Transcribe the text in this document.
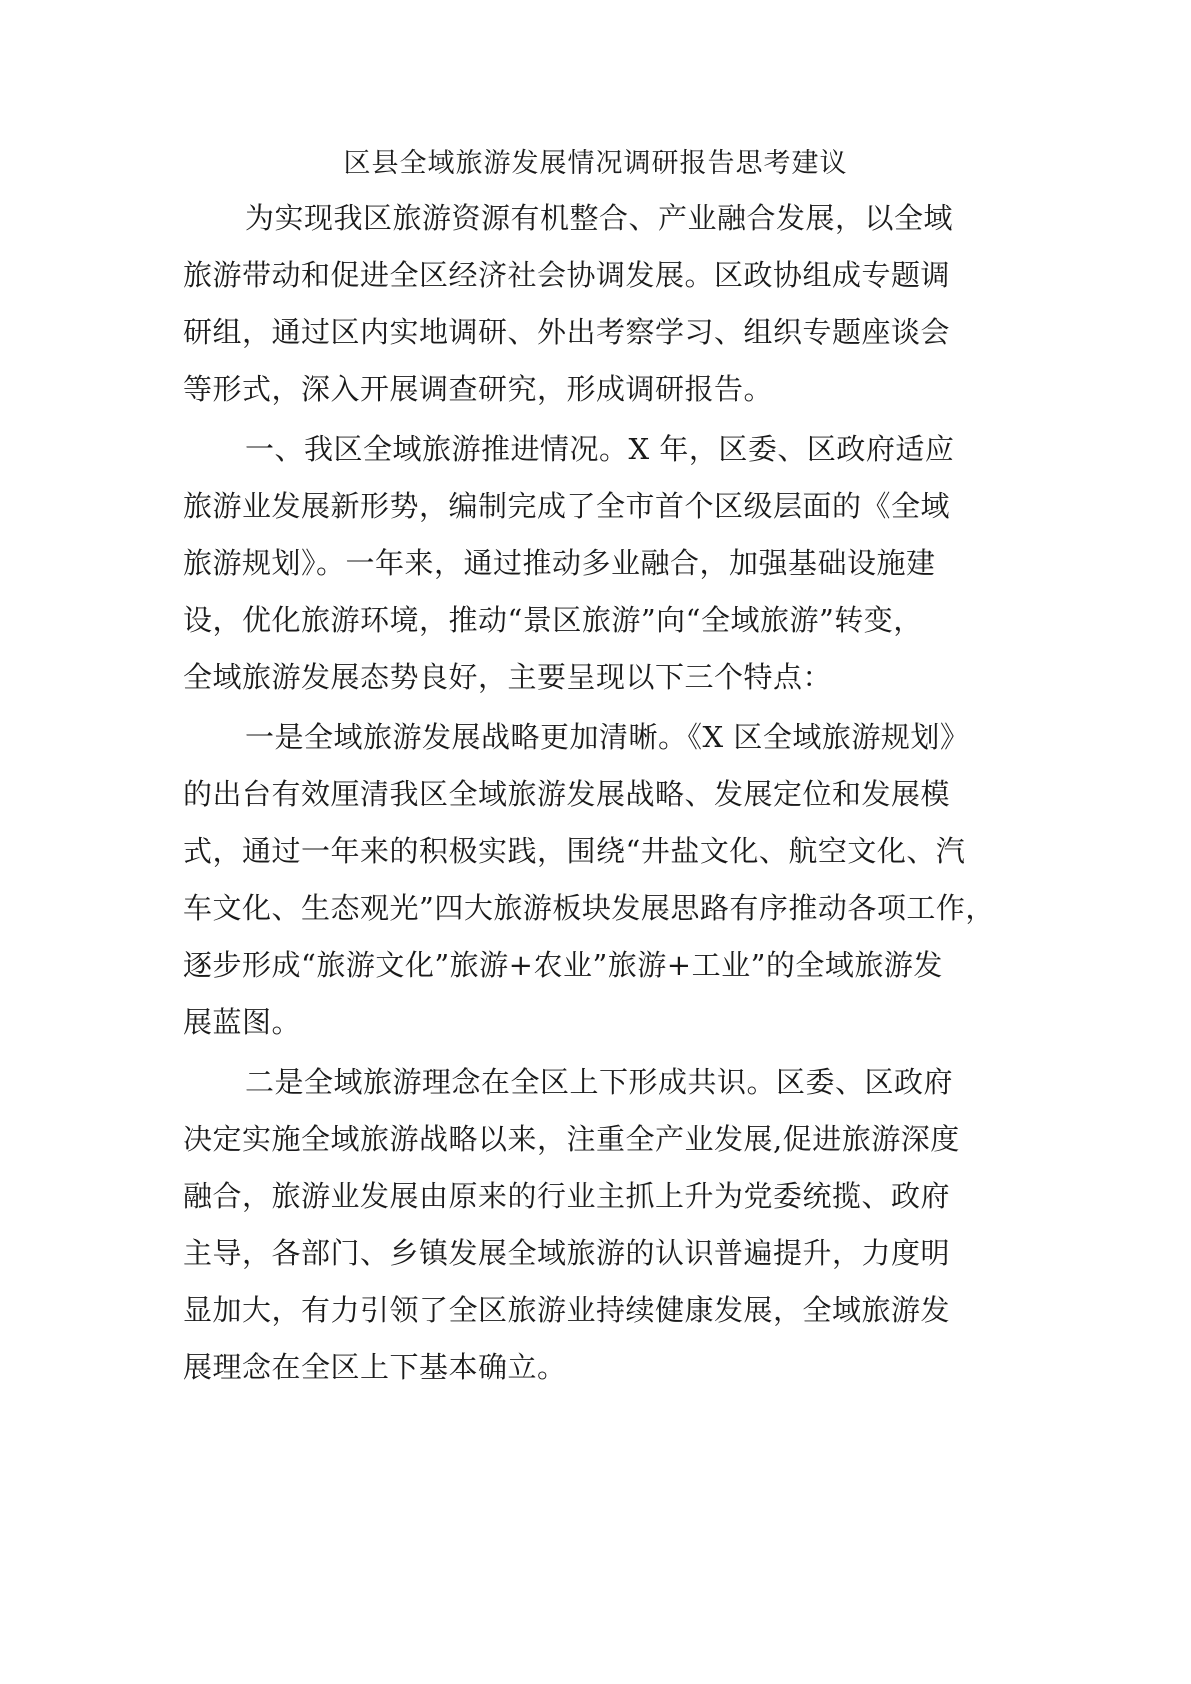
区县全域旅游发展情况调研报告思考建议
为实现我区旅游资源有机整合、产业融合发展，以全域
旅游带动和促进全区经济社会协调发展。区政协组成专题调
研组，通过区内实地调研、外出考察学习、组织专题座谈会
等形式，深入开展调查研究，形成调研报告。
一、我区全域旅游推进情况。X 年，区委、区政府适应
旅游业发展新形势，编制完成了全市首个区级层面的《全域
旅游规划》。一年来，通过推动多业融合，加强基础设施建
设，优化旅游环境，推动“景区旅游”向“全域旅游”转变，
全域旅游发展态势良好，主要呈现以下三个特点：
一是全域旅游发展战略更加清晰。《X 区全域旅游规划》
的出台有效厘清我区全域旅游发展战略、发展定位和发展模
式，通过一年来的积极实践，围绕“井盐文化、航空文化、汽
车文化、生态观光”四大旅游板块发展思路有序推动各项工作，
逐步形成“旅游文化”旅游+农业”旅游+工业”的全域旅游发
展蓝图。
二是全域旅游理念在全区上下形成共识。区委、区政府
决定实施全域旅游战略以来，注重全产业发展,促进旅游深度
融合，旅游业发展由原来的行业主抓上升为党委统揽、政府
主导，各部门、乡镇发展全域旅游的认识普遍提升，力度明
显加大，有力引领了全区旅游业持续健康发展，全域旅游发
展理念在全区上下基本确立。
